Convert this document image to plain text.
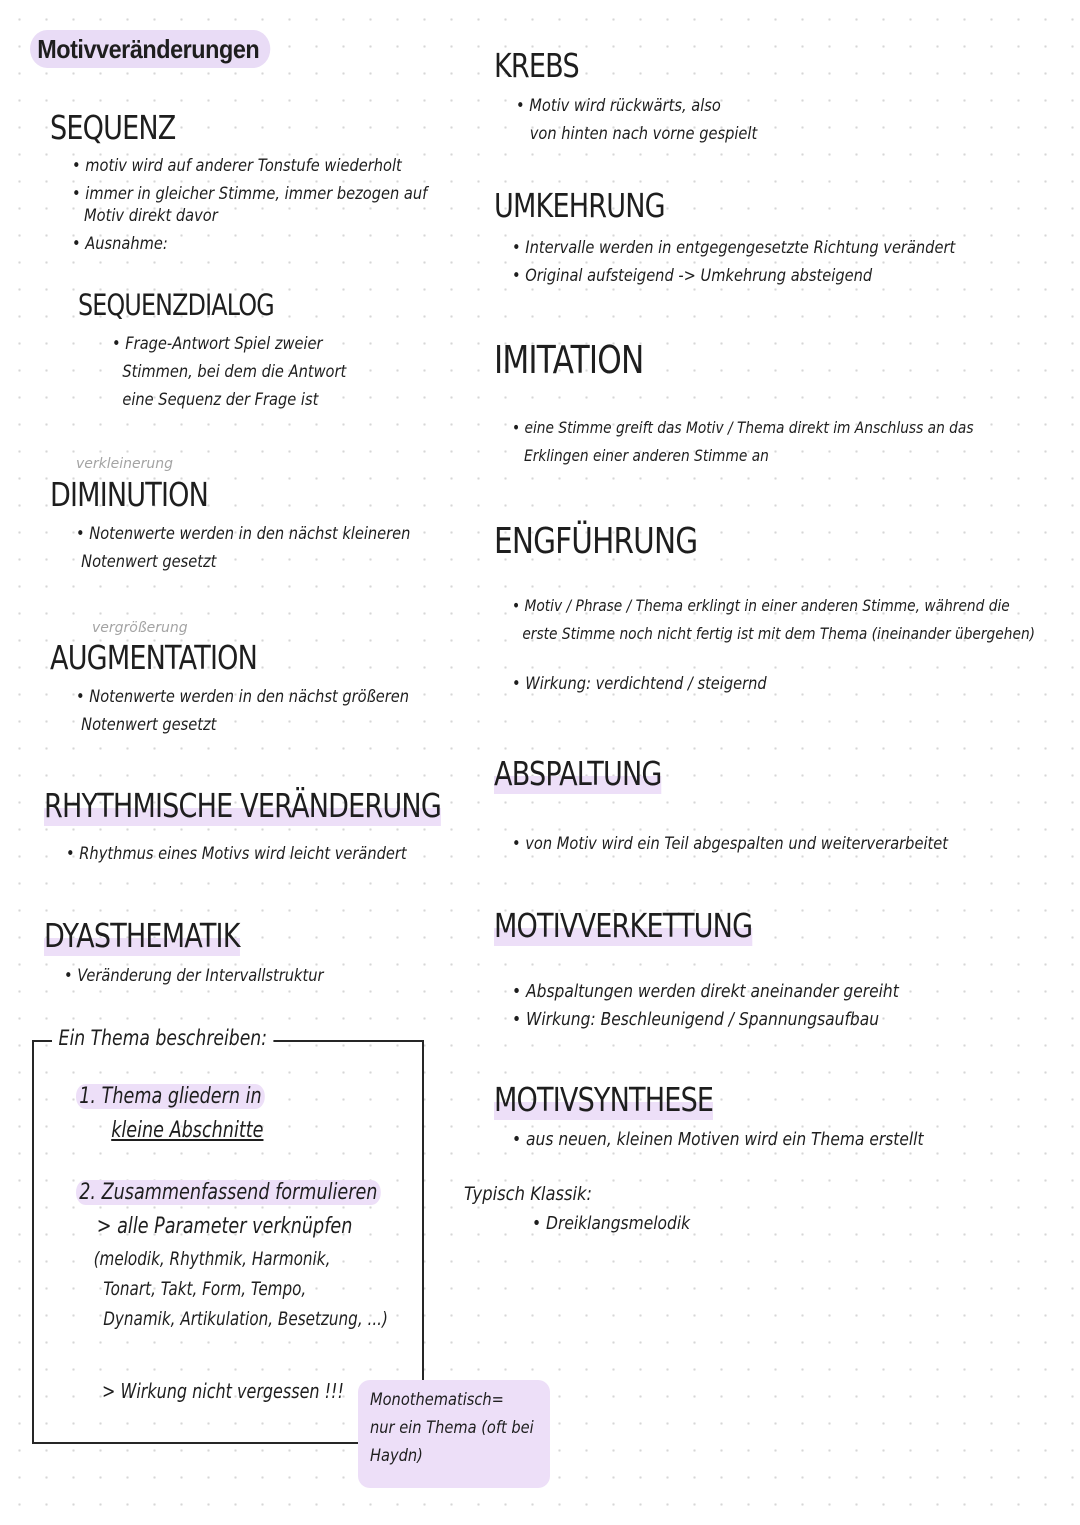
Motivveränderungen
SEQUENZ
• motiv wird auf anderer Tonstufe wiederholt
• immer in gleicher Stimme, immer bezogen auf
Motiv direkt davor
• Ausnahme:
SEQUENZDIALOG
• Frage-Antwort Spiel zweier
Stimmen, bei dem die Antwort
eine Sequenz der Frage ist
verkleinerung
DIMINUTION
• Notenwerte werden in den nächst kleineren
Notenwert gesetzt
vergrößerung
AUGMENTATION
• Notenwerte werden in den nächst größeren
Notenwert gesetzt
RHYTHMISCHE VERÄNDERUNG
• Rhythmus eines Motivs wird leicht verändert
DYASTHEMATIK
• Veränderung der Intervallstruktur
Ein Thema beschreiben:
1. Thema gliedern in
kleine Abschnitte
2. Zusammenfassend formulieren
> alle Parameter verknüpfen
(melodik, Rhythmik, Harmonik,
Tonart, Takt, Form, Tempo,
Dynamik, Artikulation, Besetzung, ...)
> Wirkung nicht vergessen !!!
KREBS
• Motiv wird rückwärts, also
von hinten nach vorne gespielt
UMKEHRUNG
• Intervalle werden in entgegengesetzte Richtung verändert
• Original aufsteigend -> Umkehrung absteigend
IMITATION
• eine Stimme greift das Motiv / Thema direkt im Anschluss an das
Erklingen einer anderen Stimme an
ENGFÜHRUNG
• Motiv / Phrase / Thema erklingt in einer anderen Stimme, während die
erste Stimme noch nicht fertig ist mit dem Thema (ineinander übergehen)
• Wirkung: verdichtend / steigernd
ABSPALTUNG
• von Motiv wird ein Teil abgespalten und weiterverarbeitet
MOTIVVERKETTUNG
• Abspaltungen werden direkt aneinander gereiht
• Wirkung: Beschleunigend / Spannungsaufbau
MOTIVSYNTHESE
• aus neuen, kleinen Motiven wird ein Thema erstellt
Typisch Klassik:
• Dreiklangsmelodik
Monothematisch=
nur ein Thema (oft bei
Haydn)
